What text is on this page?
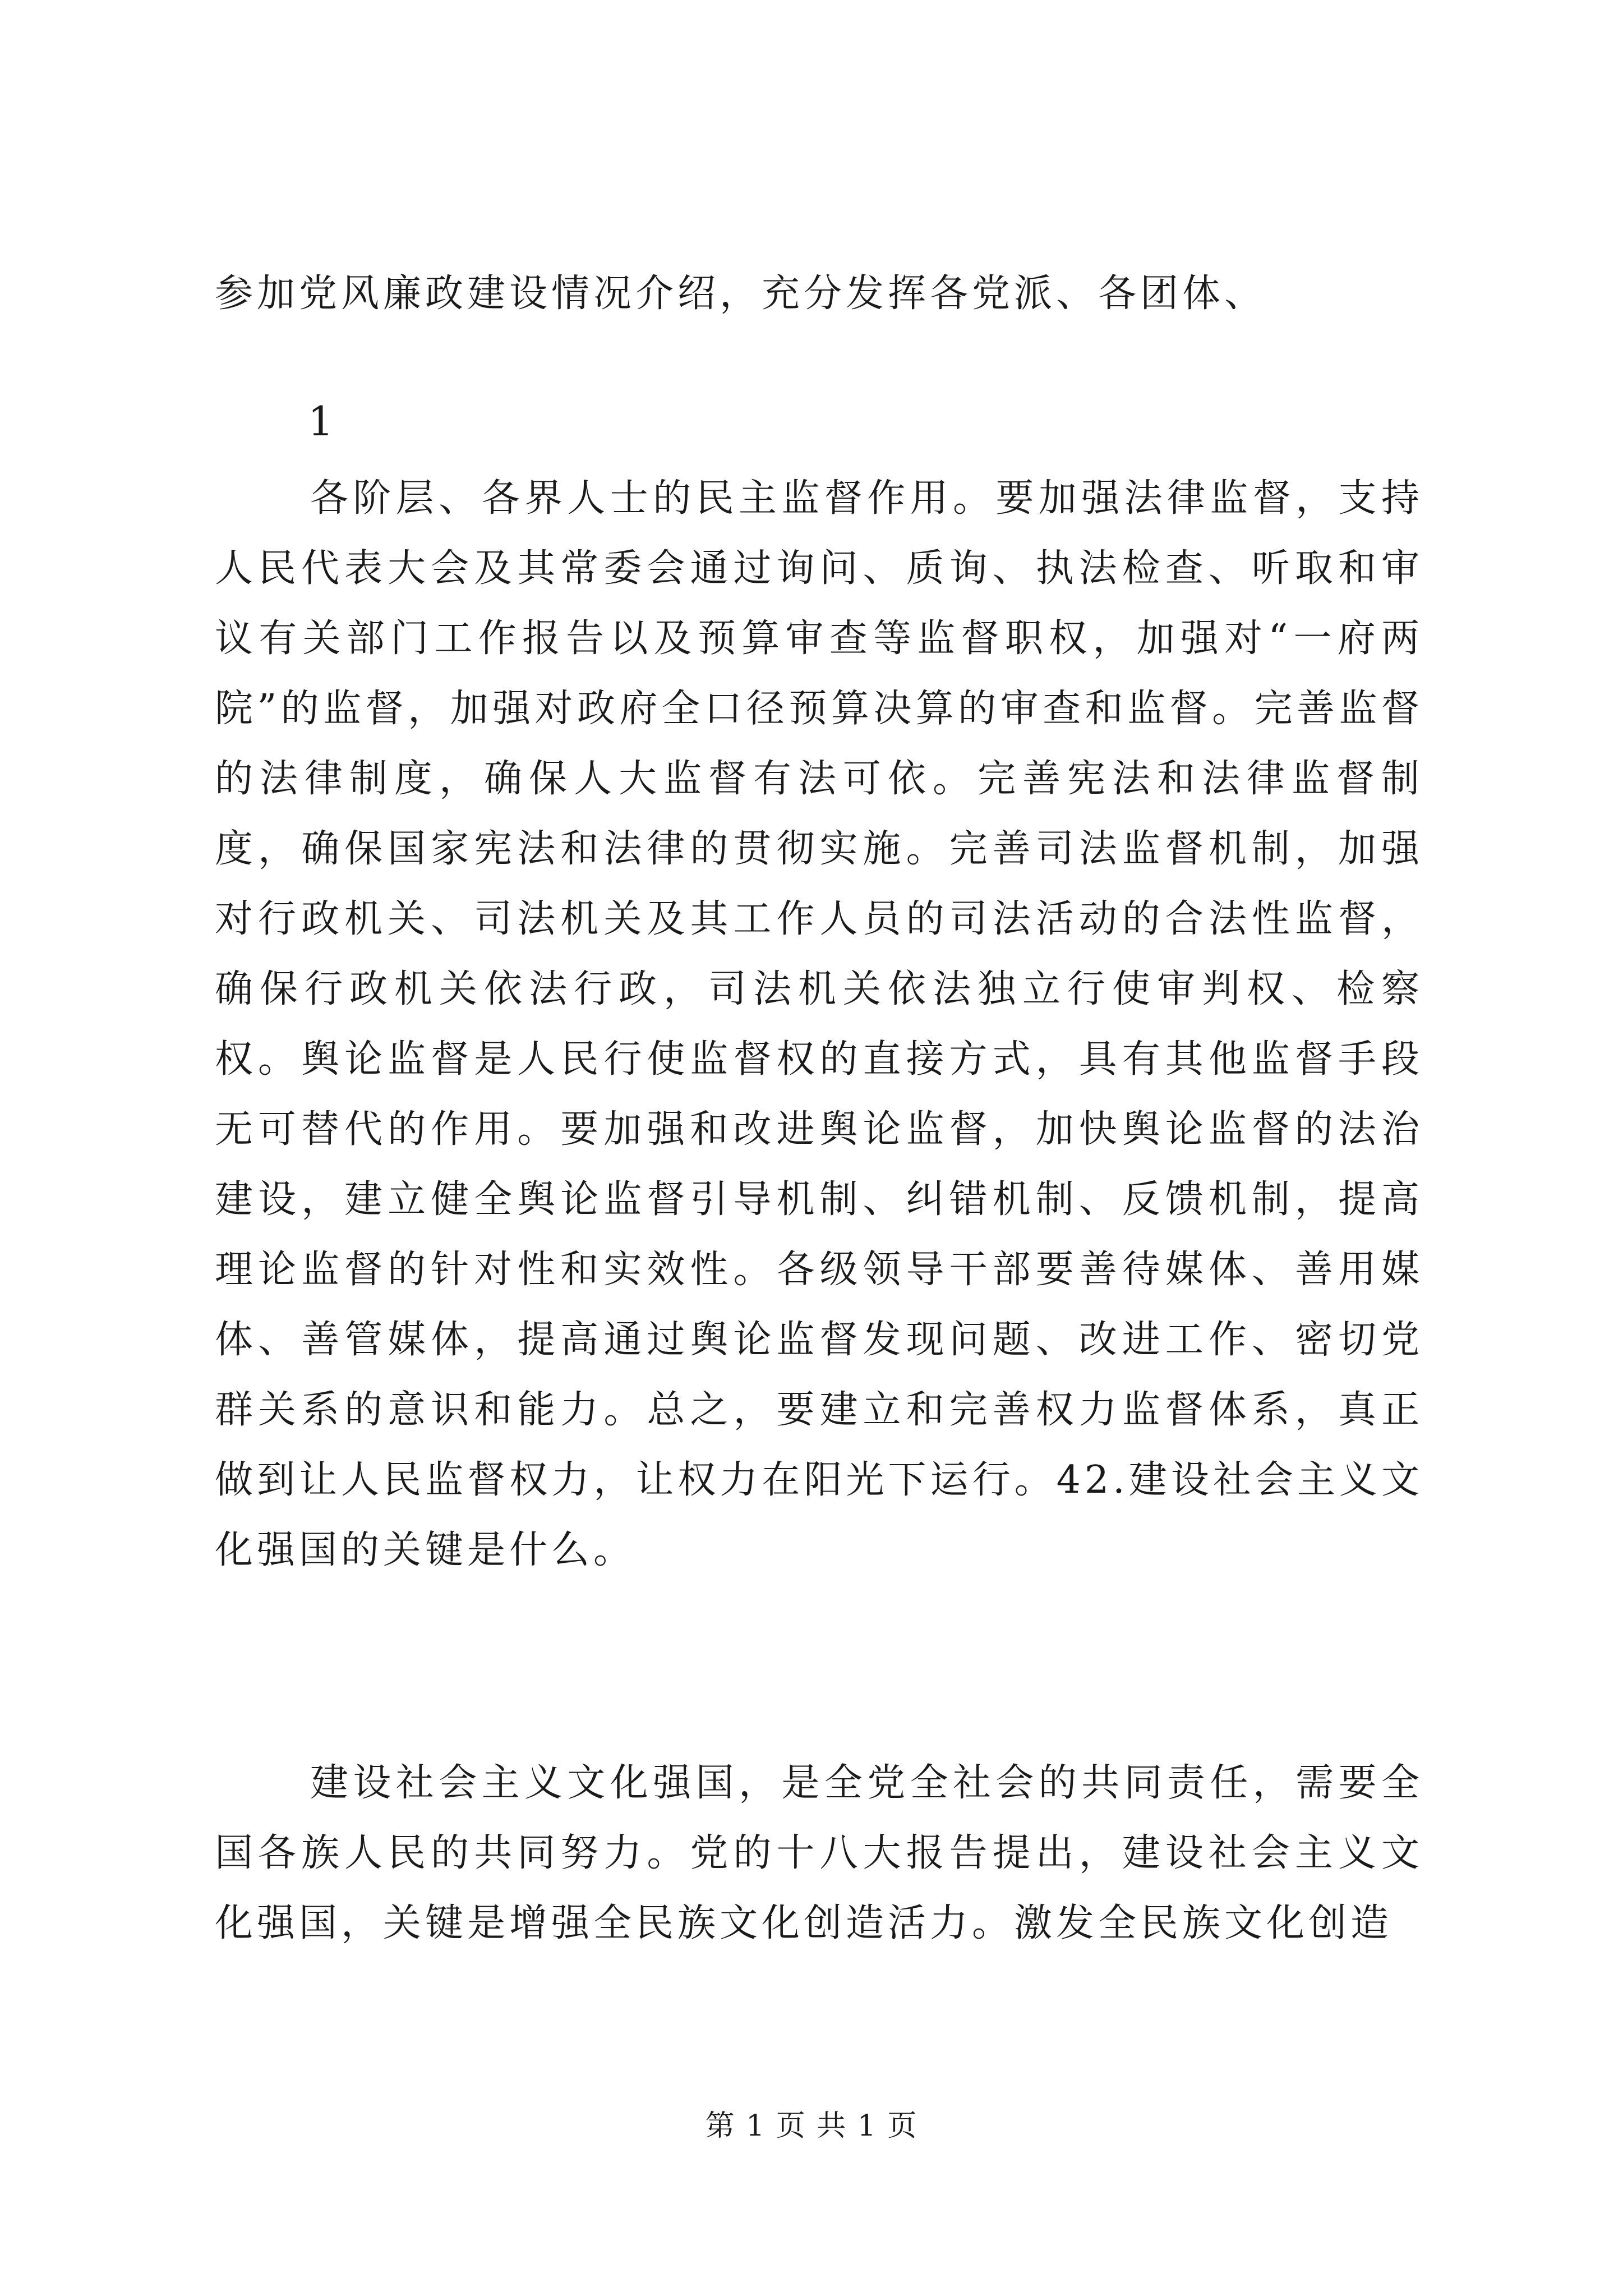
参加党风廉政建设情况介绍，充分发挥各党派、各团体、
1

各阶层、各界人士的民主监督作用。要加强法律监督，支持人民代表大会及其常委会通过询问、质询、执法检查、听取和审议有关部门工作报告以及预算审查等监督职权，加强对“一府两院”的监督，加强对政府全口径预算决算的审查和监督。完善监督的法律制度，确保人大监督有法可依。完善宪法和法律监督制度，确保国家宪法和法律的贯彻实施。完善司法监督机制，加强对行政机关、司法机关及其工作人员的司法活动的合法性监督，确保行政机关依法行政，司法机关依法独立行使审判权、检察权。舆论监督是人民行使监督权的直接方式，具有其他监督手段无可替代的作用。要加强和改进舆论监督，加快舆论监督的法治建设，建立健全舆论监督引导机制、纠错机制、反馈机制，提高理论监督的针对性和实效性。各级领导干部要善待媒体、善用媒体、善管媒体，提高通过舆论监督发现问题、改进工作、密切党群关系的意识和能力。总之，要建立和完善权力监督体系，真正做到让人民监督权力，让权力在阳光下运行。42.建设社会主义文化强国的关键是什么。

建设社会主义文化强国，是全党全社会的共同责任，需要全国各族人民的共同努力。党的十八大报告提出，建设社会主义文化强国，关键是增强全民族文化创造活力。激发全民族文化创造

第 1 页 共 1 页
